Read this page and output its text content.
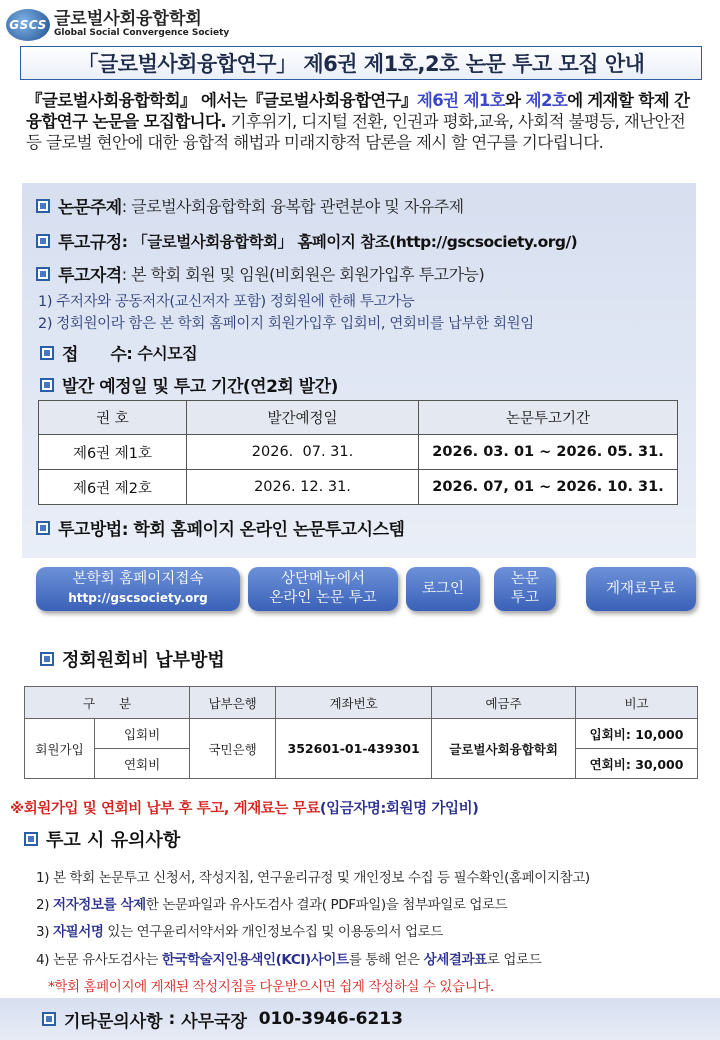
GSCS 글로벌사회융합학회
Global Social Convergence Society
「글로벌사회융합연구」 제6권 제1호,2호 논문 투고 모집 안내

『글로벌사회융합학회』 에서는『글로벌사회융합연구』제6권 제1호와 제2호에 게재할 학제 간 융합연구 논문을 모집합니다. 기후위기, 디지털 전환, 인권과 평화,교육, 사회적 불평등, 재난안전 등 글로벌 현안에 대한 융합적 해법과 미래지향적 담론을 제시 할 연구를 기다립니다.

논문주제 : 글로벌사회융합학회 융복합 관련분야 및 자유주제
투고규정 : 「글로벌사회융합학회」 홈페이지 참조(http://gscsociety.org/)
투고자격 : 본 학회 회원 및 임원(비회원은 회원가입후 투고가능)
1) 주저자와 공동저자(교신저자 포함) 정회원에 한해 투고가능
2) 정회원이라 함은 본 학회 홈페이지 회원가입후 입회비, 연회비를 납부한 회원임
접      수 : 수시모집
발간 예정일 및 투고 기간(연2회 발간)
권 호	발간예정일	논문투고기간
제6권 제1호	2026.  07. 31.	2026. 03. 01 ~ 2026. 05. 31.
제6권 제2호	2026. 12. 31.	2026. 07, 01 ~ 2026. 10. 31.
투고방법 : 학회 홈페이지 온라인 논문투고시스템
본학회 홈페이지접속
http://gscsociety.org
상단메뉴에서
온라인 논문 투고
로그인
논문
투고
게재료무료
정회원회비 납부방법
구      분		납부은행	계좌번호	예금주	비고
회원가입	입회비	국민은행	352601-01-439301	글로벌사회융합학회	입회비: 10,000
	연회비				연회비: 30,000
※회원가입 및 연회비 납부 후 투고, 게재료는 무료(입금자명:회원명 가입비)
투고 시 유의사항
1) 본 학회 논문투고 신청서, 작성지침, 연구윤리규정 및 개인정보 수집 등 필수확인(홈페이지참고)
2) 저자정보를 삭제한 논문파일과 유사도검사 결과( PDF파일)을 첨부파일로 업로드
3) 자필서명 있는 연구윤리서약서와 개인정보수집 및 이용동의서 업로드
4) 논문 유사도검사는 한국학술지인용색인(KCI)사이트를 통해 얻은 상세결과표로 업로드
*학회 홈페이지에 게재된 작성지침을 다운받으시면 쉽게 작성하실 수 있습니다.
기타문의사항 : 사무국장 010-3946-6213
